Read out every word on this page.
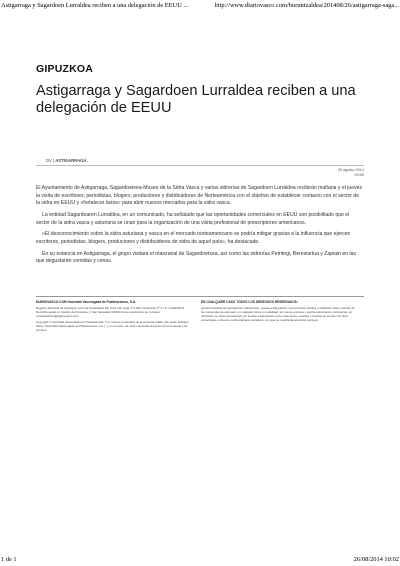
Astigarraga y Sagardoen Lurraldea reciben a una delegación de EEUU ...	http://www.diariovasco.com/buruntzaldea/201408/26/astigarraga-saga...
GIPUZKOA
Astigarraga y Sagardoen Lurraldea reciben a una delegación de EEUU
DV | ASTIGARRAGA.
26 agosto 2014
00:05

El Ayuntamiento de Astigarraga, Sagardoetxea-Museo de la Sidra Vasca y varias sidrerías de Sagardoen Lurraldea recibirán mañana y el jueves la visita de escritores, periodistas, blogers, productores y distribuidores de Norteamérica con el objetivo de establecer contacto con el sector de la sidra en EEUU y «fortalecer lazos» para abrir nuevos mercados para la sidra vasca.

La entidad Sagardoaren Lurraldea, en un comunicado, ha señalado que las oportunidades comerciales en EEUU son posibilitado que el sector de la sidra vasca y asturiana se unan para la organización de una visita profesional de prescriptores americanos.

«El desconocimiento sobre la sidra asturiana y vasca en el mercado norteamericano se podría mitigar gracias a la influencia que ejercen escritores, periodistas, blogers, productores y distribuidores de sidra de aquel país», ha destacado.

En su estancia en Astigarraga, el grupo visitará el manzanal de Sagardoetxea, así como las sidrerías Petritegi, Bereziartua y Zapiain en las que degustarán comidas y cenas.

DIARIOVASCO.COM Sociedad Vascongada de Publicaciones, S.A.

Registro Mercantil de Gipuzkoa, Libro de Sociedades 84, Folio 116, Hoja nº 2.000, Inscripción 1ª C.I.F.: A-20000072 Domicilio social en Camino de Portuetxe, 2 San Sebastián 20018 Correo electrónico de contacto: contactaonline@diariovasco.com

Copyright © Sociedad Vascongada de Publicaciones, S.A. incluye contenidos de la empresa citada, del medio El Diario Vasco (Sociedad Vascongada de Publicaciones, S.A.), y, en su caso, de otras empresas del grupo de la empresa o de terceros.

EN CUALQUIER CASO TODOS LOS DERECHOS RESERVADOS:

Queda prohibida la reproducción, distribución, puesta a disposición, comunicación pública y utilización total o parcial, de los contenidos de esta web, en cualquier forma o modalidad, sin previa, expresa y escrita autorización, incluyendo, en particular, su mera reproducción y/o puesta a disposición como resúmenes, reseñas o revistas de prensa con fines comerciales o directa o indirectamente lucrativos, a la que se manifiesta oposición expresa.

1 de 1	26/08/2014 10:02
